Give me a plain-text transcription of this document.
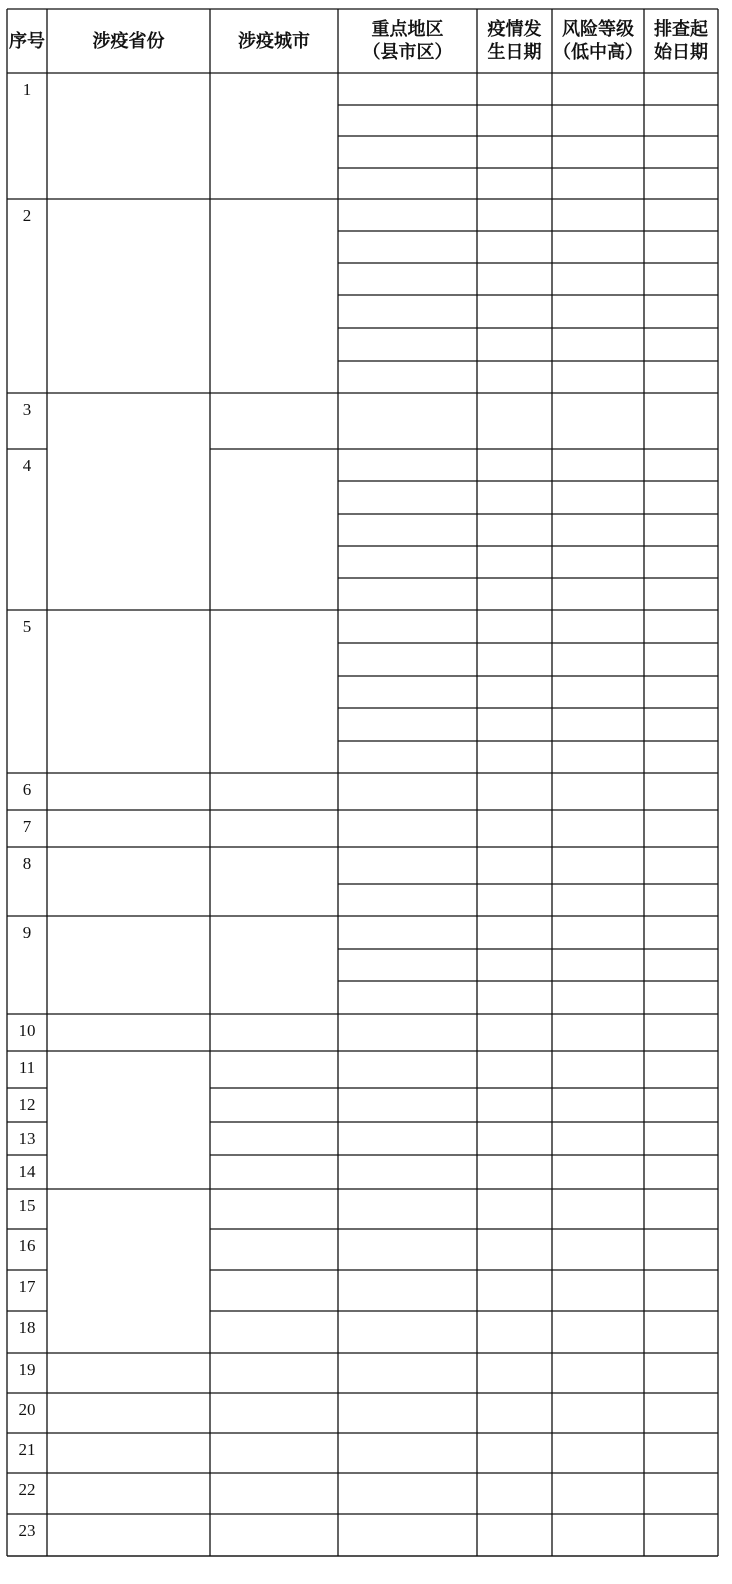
序号	涉疫省份	涉疫城市
重点地区
（县市区）
疫情发
生日期
风险等级
（低中高）
排查起
始日期
1
2
3
4
5
6
7
8
9
10
11
12
13
14
15
16
17
18
19
20
21
22
23
